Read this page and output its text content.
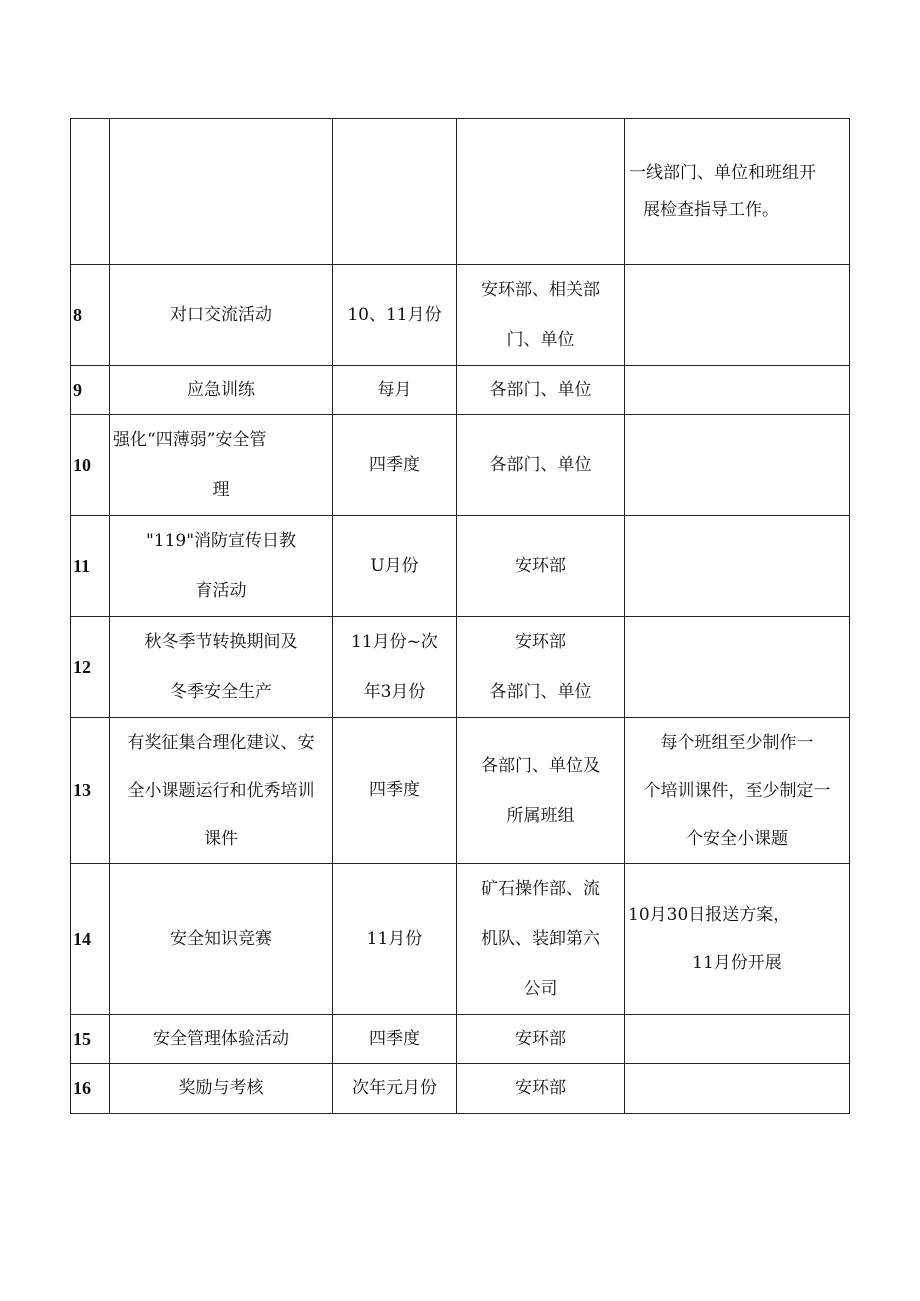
				一线部门、单位和班组开
展检查指导工作。

8	对口交流活动	10、11月份	安环部、相关部
门、单位	

9	应急训练	每月	各部门、单位	

10	强化“四薄弱”安全管
理	四季度	各部门、单位	

11	"119"消防宣传日教
育活动	U月份	安环部	

12	秋冬季节转换期间及
冬季安全生产	11月份~次
年3月份	安环部
各部门、单位	

13	有奖征集合理化建议、安
全小课题运行和优秀培训
课件	四季度	各部门、单位及
所属班组	每个班组至少制作一
个培训课件，至少制定一
个安全小课题

14	安全知识竞赛	11月份	矿石操作部、流
机队、装卸第六
公司	10月30日报送方案，
11月份开展

15	安全管理体验活动	四季度	安环部	

16	奖励与考核	次年元月份	安环部	
